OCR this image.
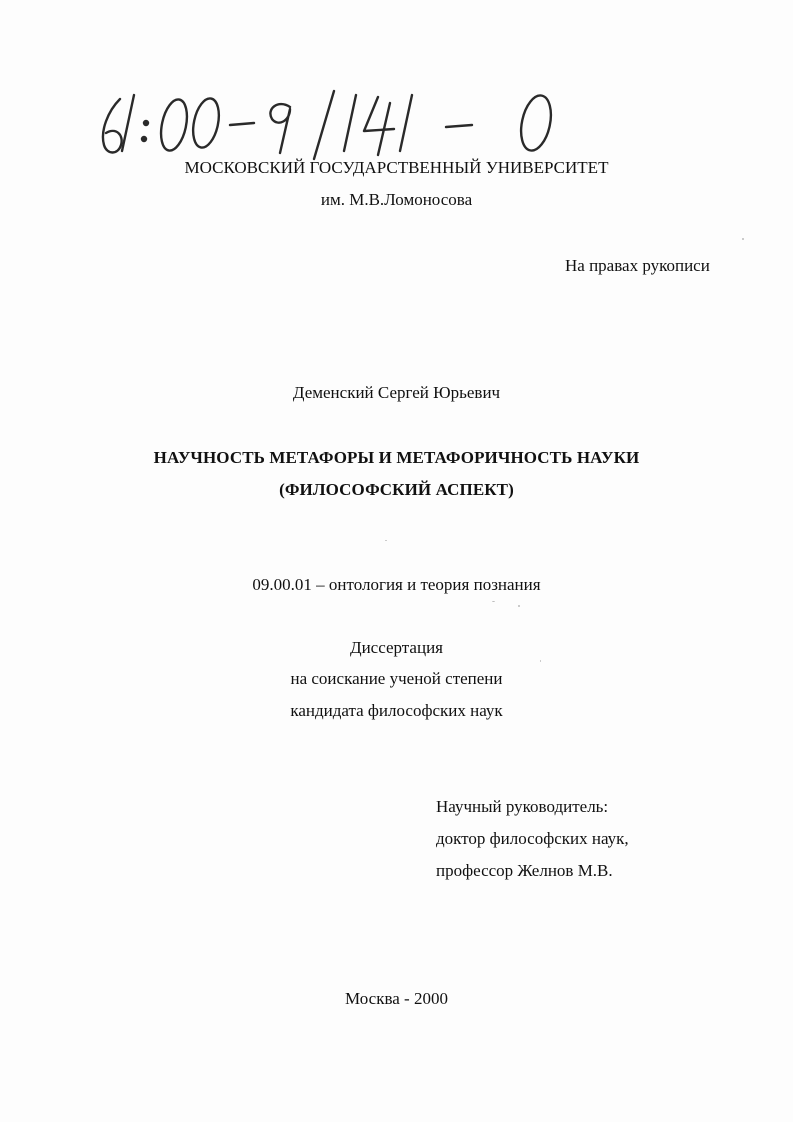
МОСКОВСКИЙ ГОСУДАРСТВЕННЫЙ УНИВЕРСИТЕТ
им. М.В.Ломоносова
На правах рукописи
Деменский Сергей Юрьевич
НАУЧНОСТЬ МЕТАФОРЫ И МЕТАФОРИЧНОСТЬ НАУКИ
(ФИЛОСОФСКИЙ АСПЕКТ)
09.00.01 – онтология и теория познания
Диссертация
на соискание ученой степени
кандидата философских наук
Научный руководитель:
доктор философских наук,
профессор Желнов М.В.
Москва - 2000
